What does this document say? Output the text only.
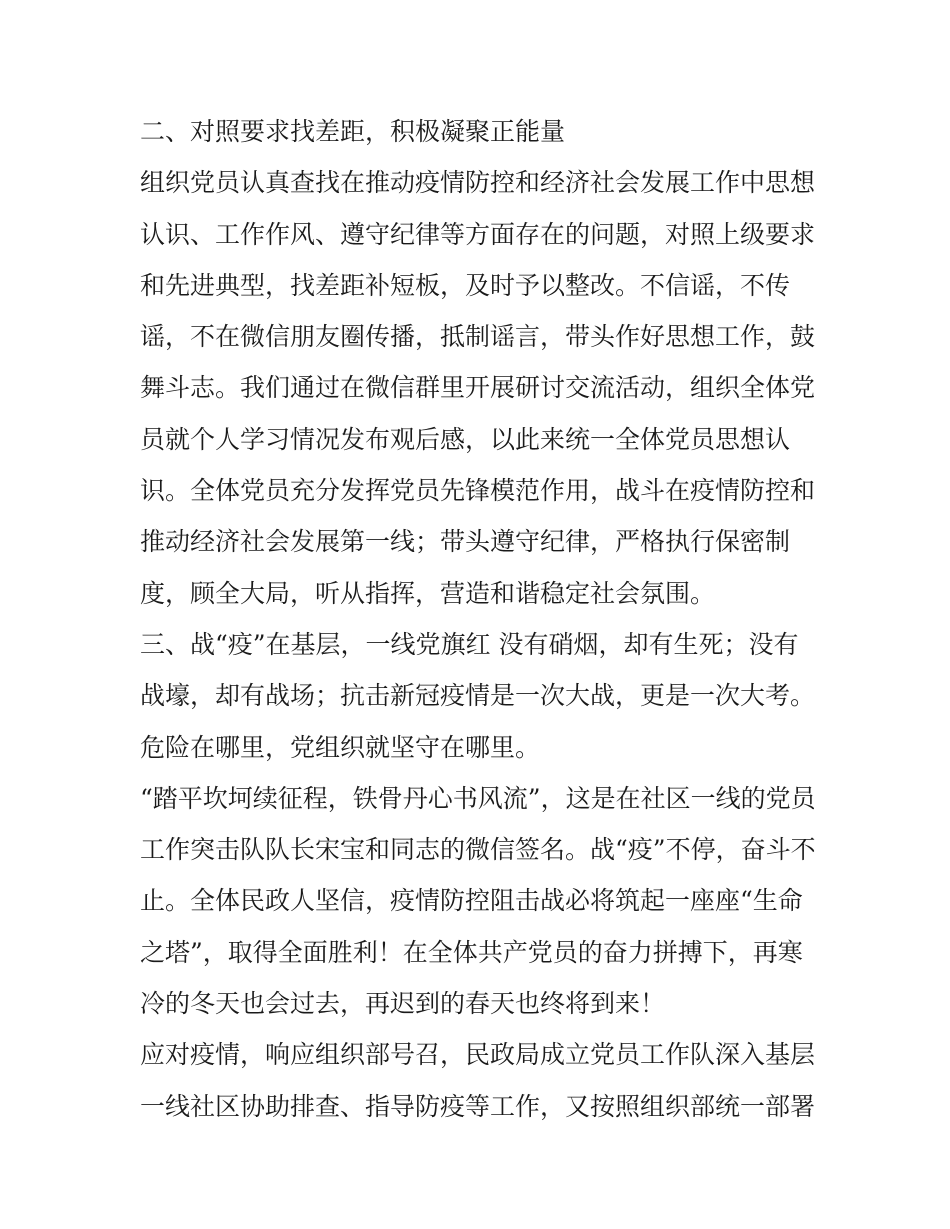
二、对照要求找差距，积极凝聚正能量
组织党员认真查找在推动疫情防控和经济社会发展工作中思想
认识、工作作风、遵守纪律等方面存在的问题，对照上级要求
和先进典型，找差距补短板，及时予以整改。不信谣，不传
谣，不在微信朋友圈传播，抵制谣言，带头作好思想工作，鼓
舞斗志。我们通过在微信群里开展研讨交流活动，组织全体党
员就个人学习情况发布观后感，以此来统一全体党员思想认
识。全体党员充分发挥党员先锋模范作用，战斗在疫情防控和
推动经济社会发展第一线；带头遵守纪律，严格执行保密制
度，顾全大局，听从指挥，营造和谐稳定社会氛围。
三、战“疫”在基层，一线党旗红 没有硝烟，却有生死；没有
战壕，却有战场；抗击新冠疫情是一次大战，更是一次大考。
危险在哪里，党组织就坚守在哪里。
“踏平坎坷续征程，铁骨丹心书风流”，这是在社区一线的党员
工作突击队队长宋宝和同志的微信签名。战“疫”不停，奋斗不
止。全体民政人坚信，疫情防控阻击战必将筑起一座座“生命
之塔”，取得全面胜利！在全体共产党员的奋力拼搏下，再寒
冷的冬天也会过去，再迟到的春天也终将到来！
应对疫情，响应组织部号召，民政局成立党员工作队深入基层
一线社区协助排查、指导防疫等工作，又按照组织部统一部署
